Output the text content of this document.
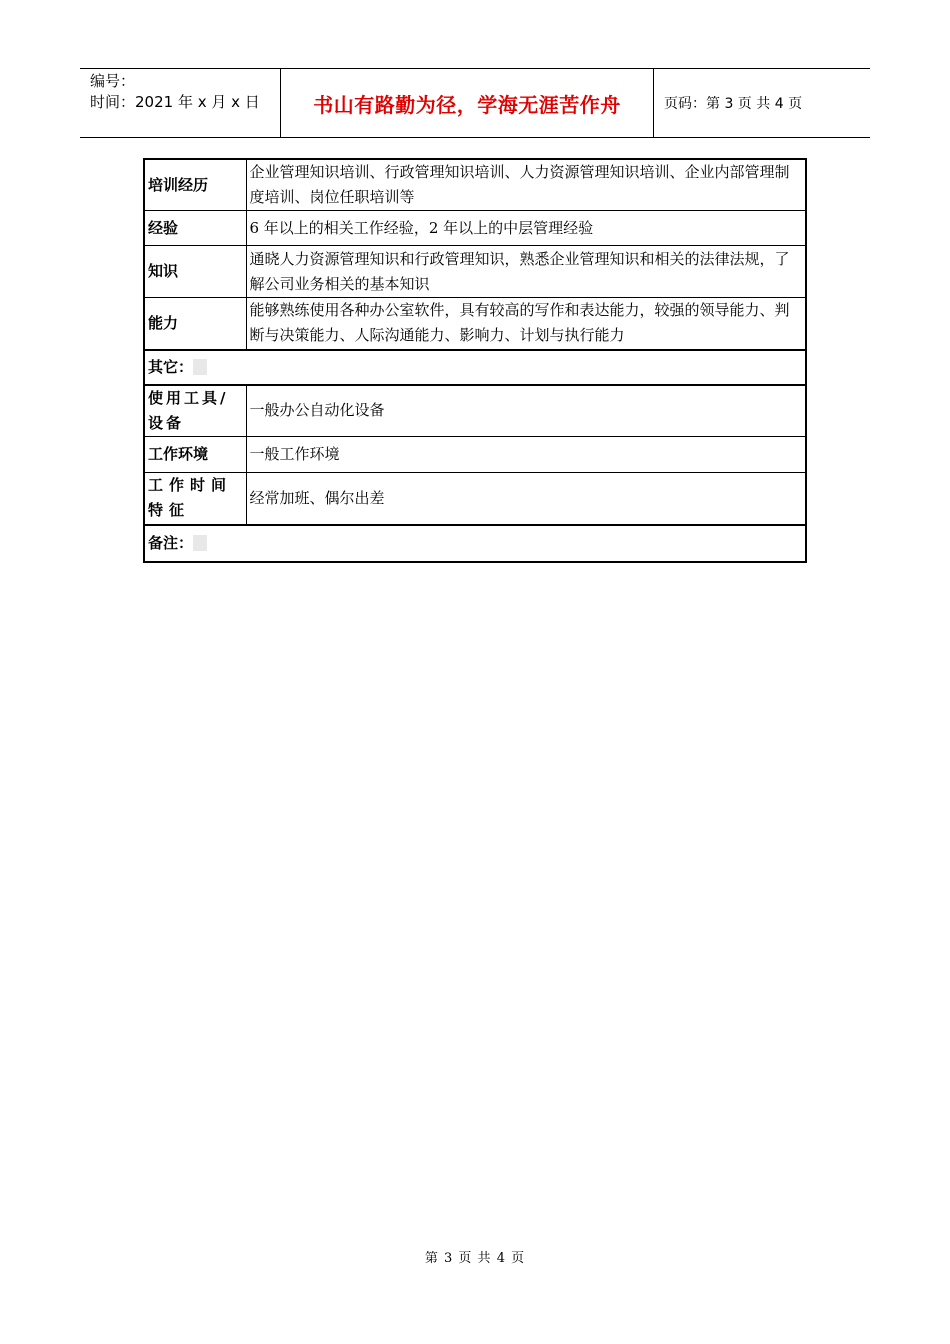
编号：
时间：2021 年 x 月 x 日	书山有路勤为径，学海无涯苦作舟	页码：第 3 页 共 4 页
培训经历	企业管理知识培训、行政管理知识培训、人力资源管理知识培训、企业内部管理制度培训、岗位任职培训等
经验	6 年以上的相关工作经验，2 年以上的中层管理经验
知识	通晓人力资源管理知识和行政管理知识，熟悉企业管理知识和相关的法律法规，了解公司业务相关的基本知识
能力	能够熟练使用各种办公室软件，具有较高的写作和表达能力，较强的领导能力、判断与决策能力、人际沟通能力、影响力、计划与执行能力
其它：	
使用工具/设备	一般办公自动化设备
工作环境	一般工作环境
工作时间特征	经常加班、偶尔出差
备注：	
第 3 页 共 4 页
